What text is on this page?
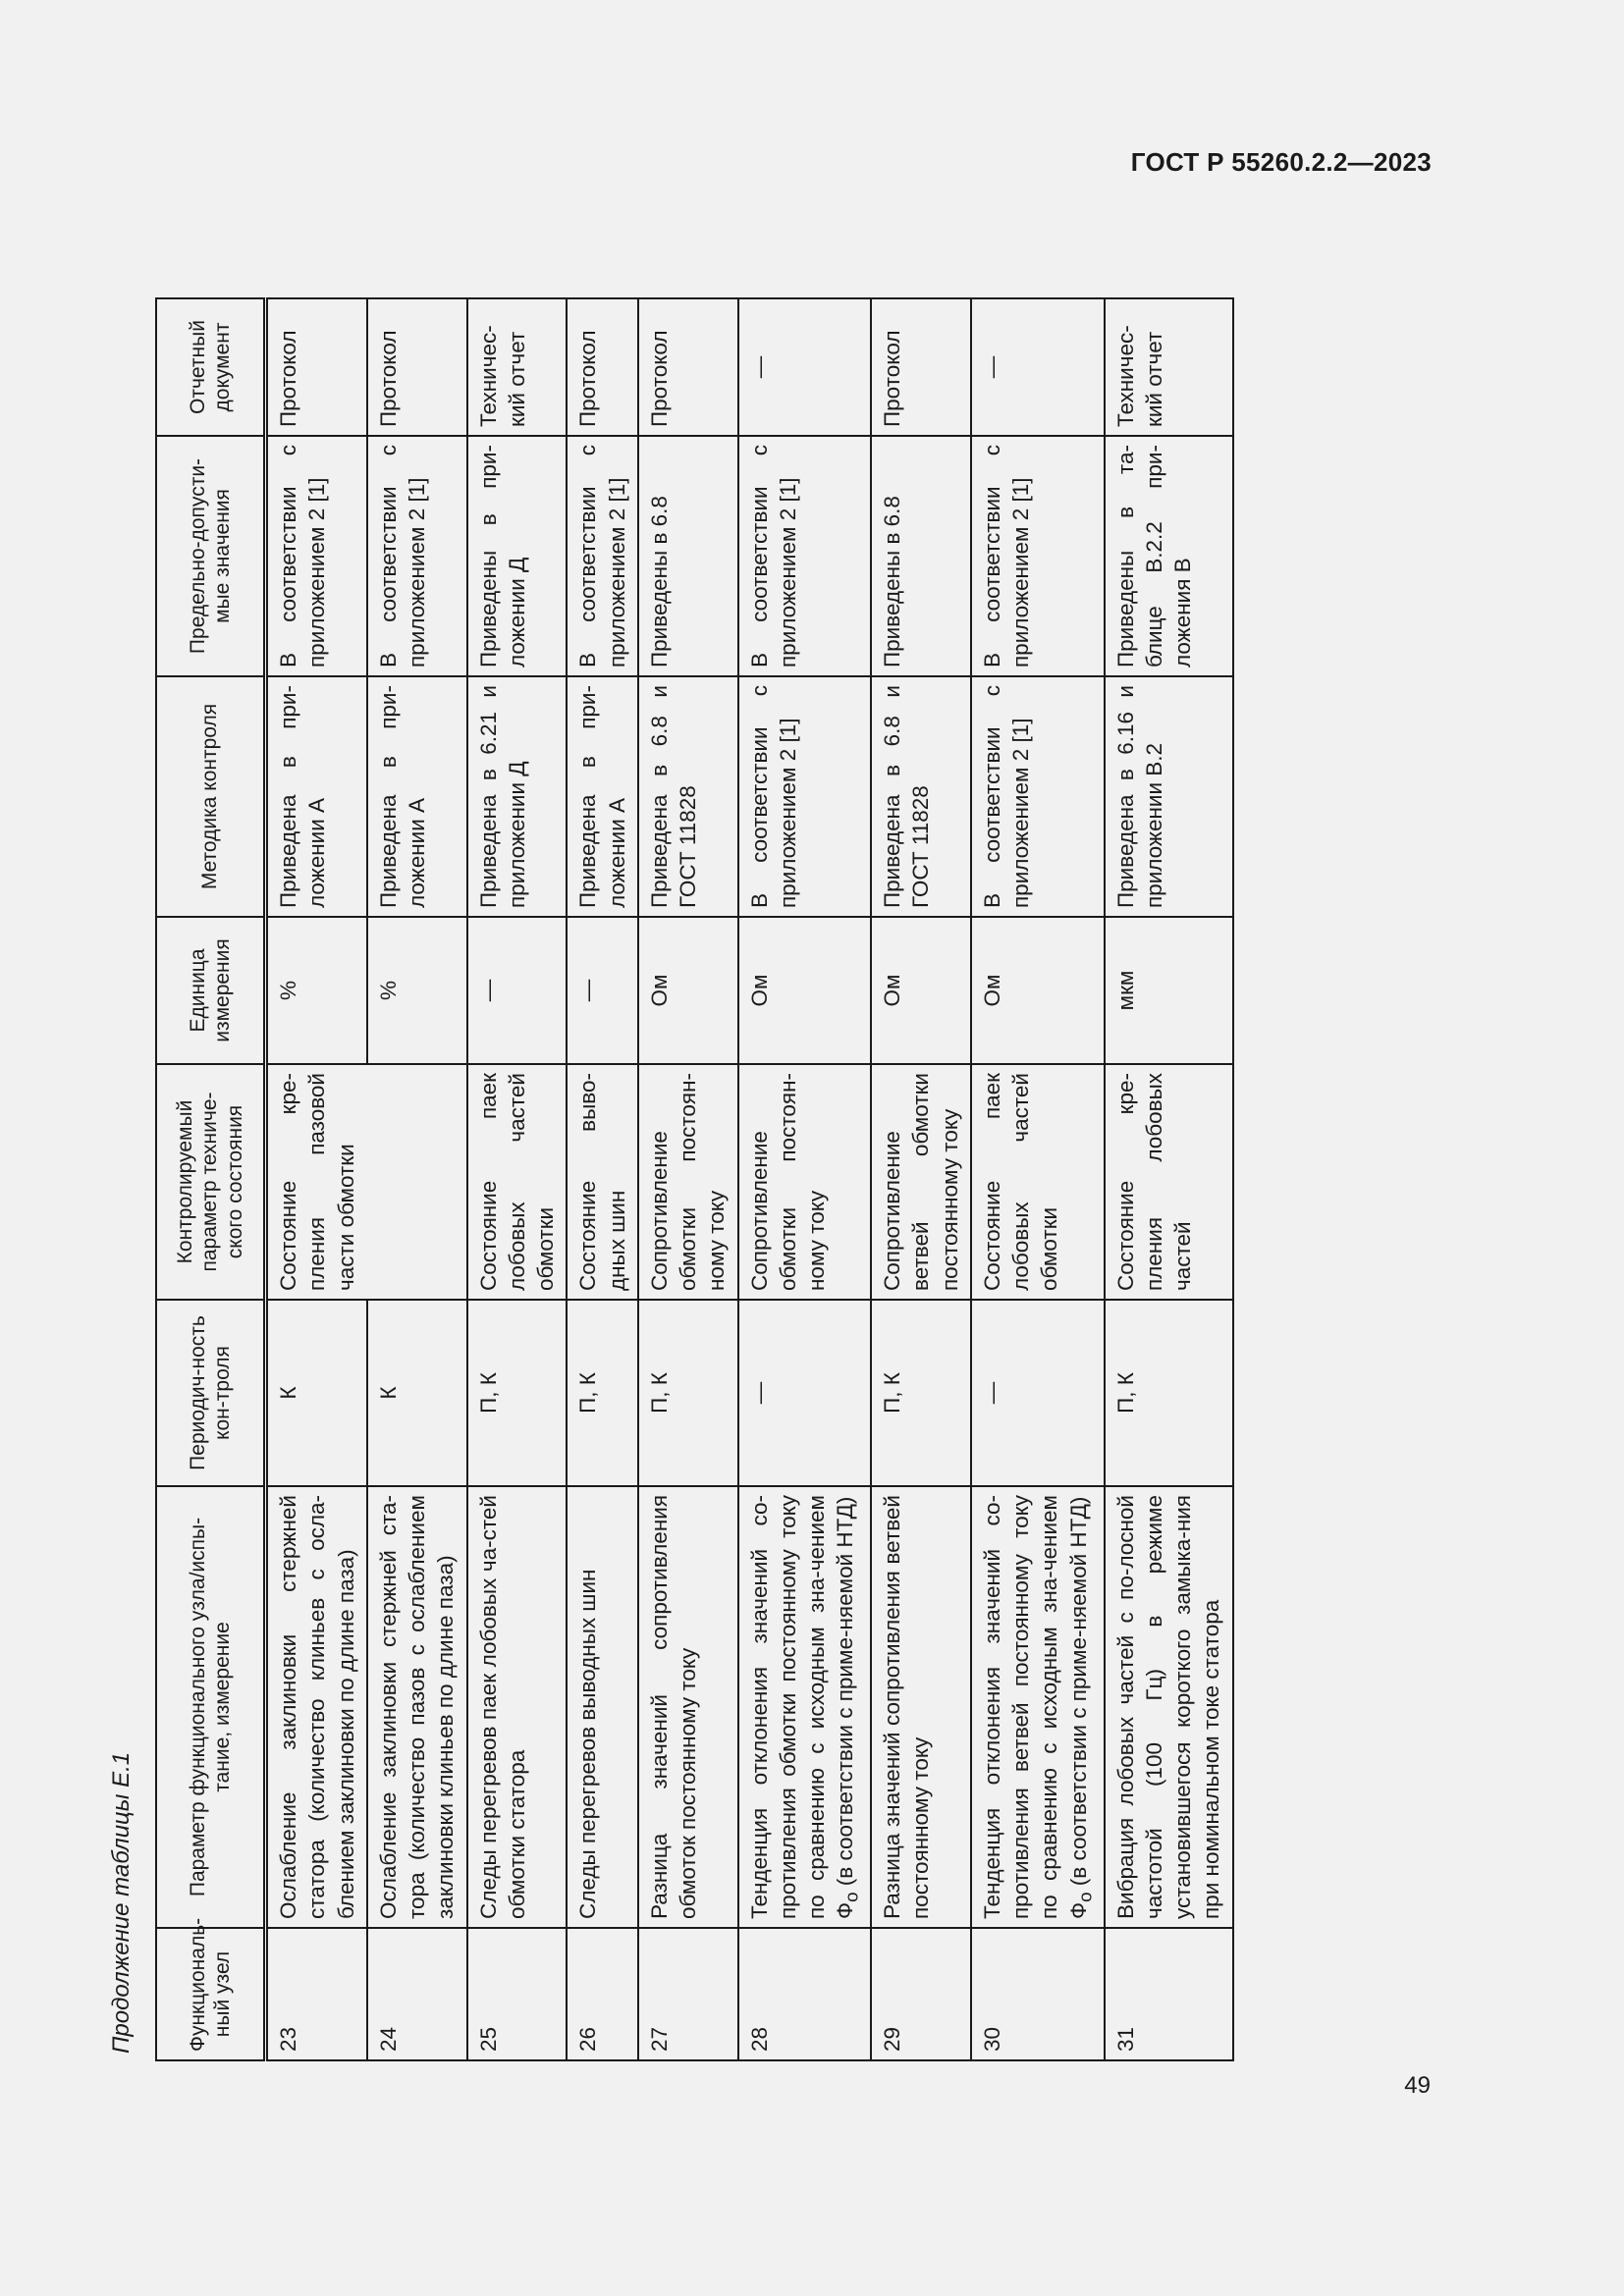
ГОСТ Р 55260.2.2—2023
Продолжение таблицы Е.1	Функциональ-ный узел	Параметр функционального узла/испы-тание, измерение	Периодич-ность кон-троля	Контролируемый параметр техниче-ского состояния	Единица измерения	Методика контроля	Предельно-допусти-мые значения	Отчетный документ
23	Ослабление заклиновки стержней статора (количество клиньев с осла-блением заклиновки по длине паза)	К	Состояние кре-пления пазовой части обмотки	%	Приведена в при-ложении А	В соответствии с приложением 2 [1]	Протокол
24	Ослабление заклиновки стержней ста-тора (количество пазов с ослаблением заклиновки клиньев по длине паза)	К		%	Приведена в при-ложении А	В соответствии с приложением 2 [1]	Протокол
25	Следы перегревов паек лобовых ча-стей обмотки статора	П, К	Состояние паек лобовых частей обмотки	—	Приведена в 6.21 и приложении Д	Приведены в при-ложении Д	Техничес-кий отчет
26	Следы перегревов выводных шин	П, К	Состояние выво-дных шин	—	Приведена в при-ложении А	В соответствии с приложением 2 [1]	Протокол
27	Разница значений сопротивления обмоток постоянному току	П, К	Сопротивление обмотки постоян-ному току	Ом	Приведена в 6.8 и ГОСТ 11828	Приведены в 6.8	Протокол
28	Тенденция отклонения значений со-противления обмотки постоянному току по сравнению с исходным зна-чением $Ф_о$ (в соответствии с приме-няемой НТД)	—	Сопротивление обмотки постоян-ному току	Ом	В соответствии с приложением 2 [1]	В соответствии с приложением 2 [1]	—
29	Разница значений сопротивления ветвей постоянному току	П, К	Сопротивление ветвей обмотки постоянному току	Ом	Приведена в 6.8 и ГОСТ 11828	Приведены в 6.8	Протокол
30	Тенденция отклонения значений со-противления ветвей постоянному току по сравнению с исходным зна-чением $Ф_о$ (в соответствии с приме-няемой НТД)	—	Состояние паек лобовых частей обмотки	Ом	В соответствии с приложением 2 [1]	В соответствии с приложением 2 [1]	—
31	Вибрация лобовых частей с по-лосной частотой (100 Гц) в режиме установившегося короткого замыка-ния при номинальном токе статора	П, К	Состояние кре-пления лобовых частей	мкм	Приведена в 6.16 и приложении В.2	Приведены в та-блице В.2.2 при-ложения В	Техничес-кий отчет
49
